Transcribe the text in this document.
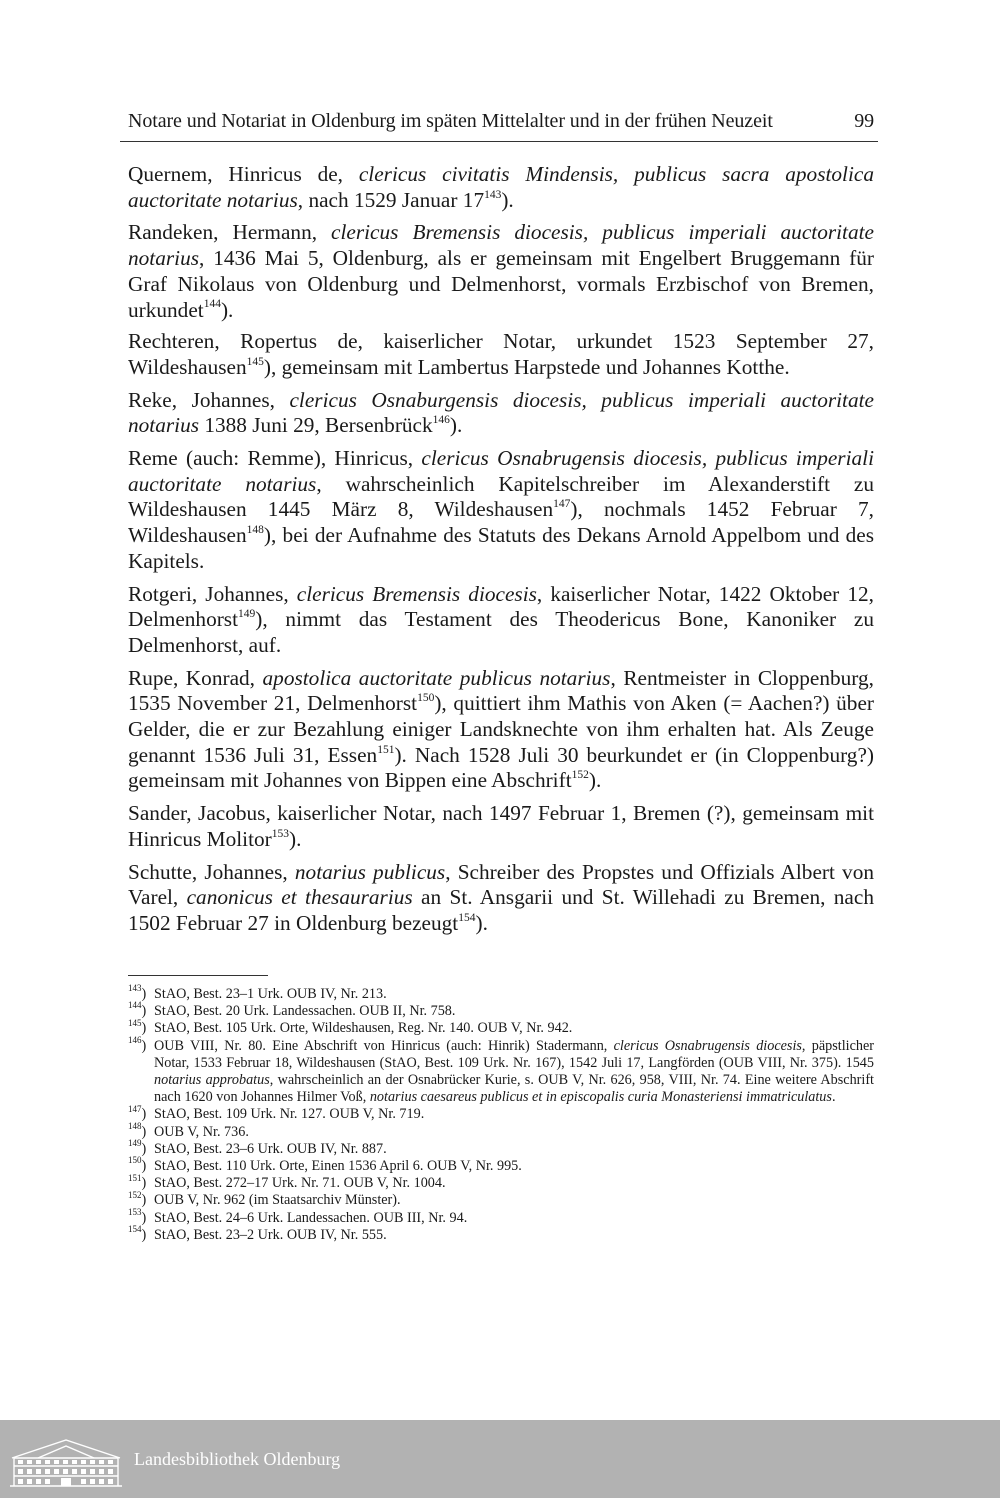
Notare und Notariat in Oldenburg im späten Mittelalter und in der frühen Neuzeit	99

Quernem, Hinricus de, clericus civitatis Mindensis, publicus sacra apostolica auctoritate notarius, nach 1529 Januar $17^{143}$).

Randeken, Hermann, clericus Bremensis diocesis, publicus imperiali auctoritate notarius, 1436 Mai 5, Oldenburg, als er gemeinsam mit Engelbert Bruggemann für Graf Nikolaus von Oldenburg und Delmenhorst, vormals Erzbischof von Bremen, urkundet$^{144}$).

Rechteren, Ropertus de, kaiserlicher Notar, urkundet 1523 September 27, Wildeshausen$^{145}$), gemeinsam mit Lambertus Harpstede und Johannes Kotthe.

Reke, Johannes, clericus Osnaburgensis diocesis, publicus imperiali auctoritate notarius 1388 Juni 29, Bersenbrück$^{146}$).

Reme (auch: Remme), Hinricus, clericus Osnabrugensis diocesis, publicus imperiali auctoritate notarius, wahrscheinlich Kapitelschreiber im Alexanderstift zu Wildeshausen 1445 März 8, Wildeshausen$^{147}$), nochmals 1452 Februar 7, Wildeshausen$^{148}$), bei der Aufnahme des Statuts des Dekans Arnold Appelbom und des Kapitels.

Rotgeri, Johannes, clericus Bremensis diocesis, kaiserlicher Notar, 1422 Oktober 12, Delmenhorst$^{149}$), nimmt das Testament des Theodericus Bone, Kanoniker zu Delmenhorst, auf.

Rupe, Konrad, apostolica auctoritate publicus notarius, Rentmeister in Cloppenburg, 1535 November 21, Delmenhorst$^{150}$), quittiert ihm Mathis von Aken (= Aachen?) über Gelder, die er zur Bezahlung einiger Landsknechte von ihm erhalten hat. Als Zeuge genannt 1536 Juli 31, Essen$^{151}$). Nach 1528 Juli 30 beurkundet er (in Cloppenburg?) gemeinsam mit Johannes von Bippen eine Abschrift$^{152}$).

Sander, Jacobus, kaiserlicher Notar, nach 1497 Februar 1, Bremen (?), gemeinsam mit Hinricus Molitor$^{153}$).

Schutte, Johannes, notarius publicus, Schreiber des Propstes und Offizials Albert von Varel, canonicus et thesaurarius an St. Ansgarii und St. Willehadi zu Bremen, nach 1502 Februar 27 in Oldenburg bezeugt$^{154}$).

$^{143}$) StAO, Best. 23–1 Urk. OUB IV, Nr. 213.
$^{144}$) StAO, Best. 20 Urk. Landessachen. OUB II, Nr. 758.
$^{145}$) StAO, Best. 105 Urk. Orte, Wildeshausen, Reg. Nr. 140. OUB V, Nr. 942.
$^{146}$) OUB VIII, Nr. 80. Eine Abschrift von Hinricus (auch: Hinrik) Stadermann, clericus Osnabrugensis diocesis, päpstlicher Notar, 1533 Februar 18, Wildeshausen (StAO, Best. 109 Urk. Nr. 167), 1542 Juli 17, Langförden (OUB VIII, Nr. 375). 1545 notarius approbatus, wahrscheinlich an der Osnabrücker Kurie, s. OUB V, Nr. 626, 958, VIII, Nr. 74. Eine weitere Abschrift nach 1620 von Johannes Hilmer Voß, notarius caesareus publicus et in episcopalis curia Monasteriensi immatriculatus.
$^{147}$) StAO, Best. 109 Urk. Nr. 127. OUB V, Nr. 719.
$^{148}$) OUB V, Nr. 736.
$^{149}$) StAO, Best. 23–6 Urk. OUB IV, Nr. 887.
$^{150}$) StAO, Best. 110 Urk. Orte, Einen 1536 April 6. OUB V, Nr. 995.
$^{151}$) StAO, Best. 272–17 Urk. Nr. 71. OUB V, Nr. 1004.
$^{152}$) OUB V, Nr. 962 (im Staatsarchiv Münster).
$^{153}$) StAO, Best. 24–6 Urk. Landessachen. OUB III, Nr. 94.
$^{154}$) StAO, Best. 23–2 Urk. OUB IV, Nr. 555.
Landesbibliothek Oldenburg
